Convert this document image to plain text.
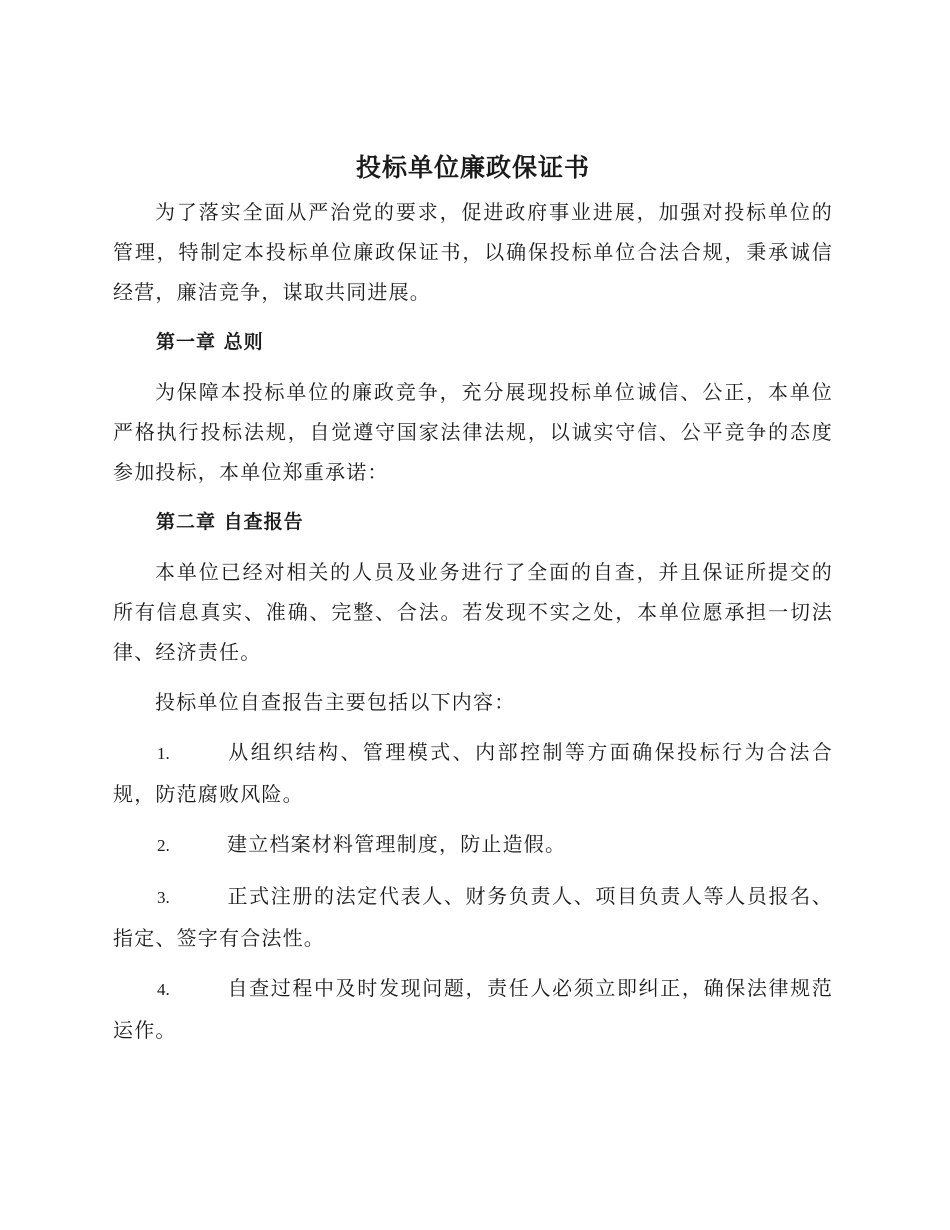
投标单位廉政保证书

为了落实全面从严治党的要求，促进政府事业进展，加强对投标单位的管理，特制定本投标单位廉政保证书，以确保投标单位合法合规，秉承诚信经营，廉洁竞争，谋取共同进展。

第一章 总则

为保障本投标单位的廉政竞争，充分展现投标单位诚信、公正，本单位严格执行投标法规，自觉遵守国家法律法规，以诚实守信、公平竞争的态度参加投标，本单位郑重承诺：

第二章 自查报告

本单位已经对相关的人员及业务进行了全面的自查，并且保证所提交的所有信息真实、准确、完整、合法。若发现不实之处，本单位愿承担一切法律、经济责任。

投标单位自查报告主要包括以下内容：

1.	从组织结构、管理模式、内部控制等方面确保投标行为合法合规，防范腐败风险。
2.	建立档案材料管理制度，防止造假。
3.	正式注册的法定代表人、财务负责人、项目负责人等人员报名、指定、签字有合法性。
4.	自查过程中及时发现问题，责任人必须立即纠正，确保法律规范运作。
